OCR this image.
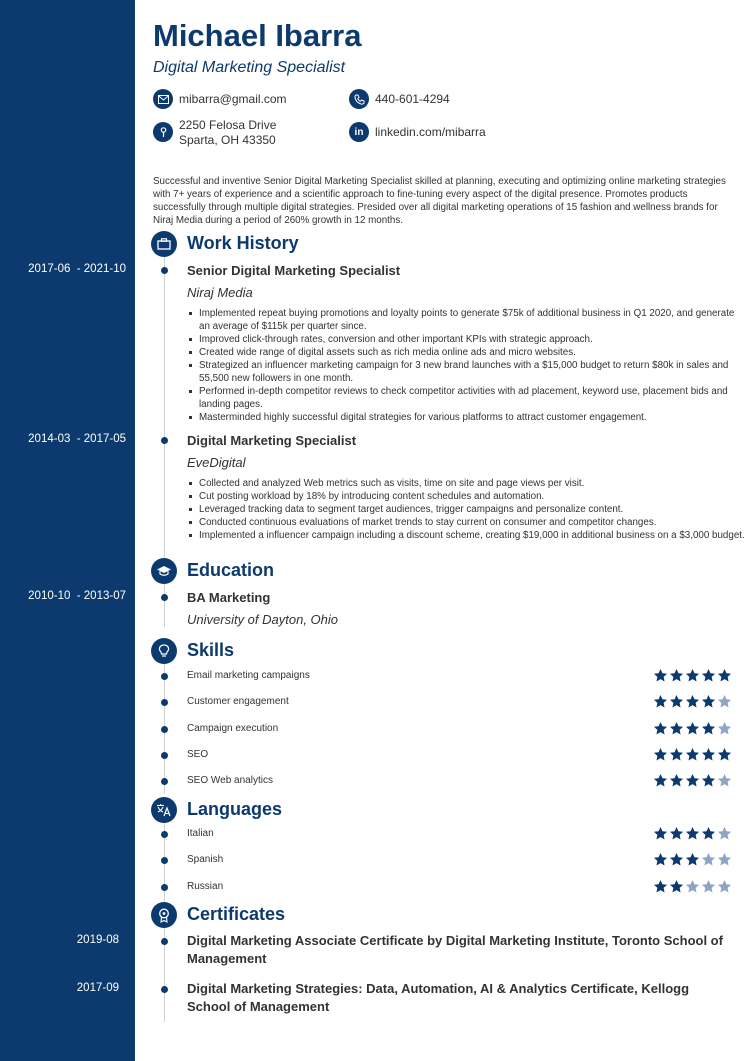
Michael Ibarra
Digital Marketing Specialist
mibarra@gmail.com	440-601-4294
2250 Felosa Drive
Sparta, OH 43350
in linkedin.com/mibarra
Successful and inventive Senior Digital Marketing Specialist skilled at planning, executing and optimizing online marketing strategies with 7+ years of experience and a scientific approach to fine-tuning every aspect of the digital presence. Promotes products successfully through multiple digital strategies. Presided over all digital marketing operations of 15 fashion and wellness brands for Niraj Media during a period of 260% growth in 12 months.
Work History
2017-06 - 2021-10	Senior Digital Marketing Specialist
Niraj Media
Implemented repeat buying promotions and loyalty points to generate $75k of additional business in Q1 2020, and generate an average of $115k per quarter since.
Improved click-through rates, conversion and other important KPIs with strategic approach.
Created wide range of digital assets such as rich media online ads and micro websites.
Strategized an influencer marketing campaign for 3 new brand launches with a $15,000 budget to return $80k in sales and 55,500 new followers in one month.
Performed in-depth competitor reviews to check competitor activities with ad placement, keyword use, placement bids and landing pages.
Masterminded highly successful digital strategies for various platforms to attract customer engagement.
2014-03 - 2017-05	Digital Marketing Specialist
EveDigital
Collected and analyzed Web metrics such as visits, time on site and page views per visit.
Cut posting workload by 18% by introducing content schedules and automation.
Leveraged tracking data to segment target audiences, trigger campaigns and personalize content.
Conducted continuous evaluations of market trends to stay current on consumer and competitor changes.
Implemented a influencer campaign including a discount scheme, creating $19,000 in additional business on a $3,000 budget.
Education
2010-10 - 2013-07	BA Marketing
University of Dayton, Ohio
Skills
Email marketing campaigns
Customer engagement
Campaign execution
SEO
SEO Web analytics
Languages
Italian
Spanish
Russian
Certificates
2019-08	Digital Marketing Associate Certificate by Digital Marketing Institute, Toronto School of Management
2017-09	Digital Marketing Strategies: Data, Automation, AI & Analytics Certificate, Kellogg School of Management
